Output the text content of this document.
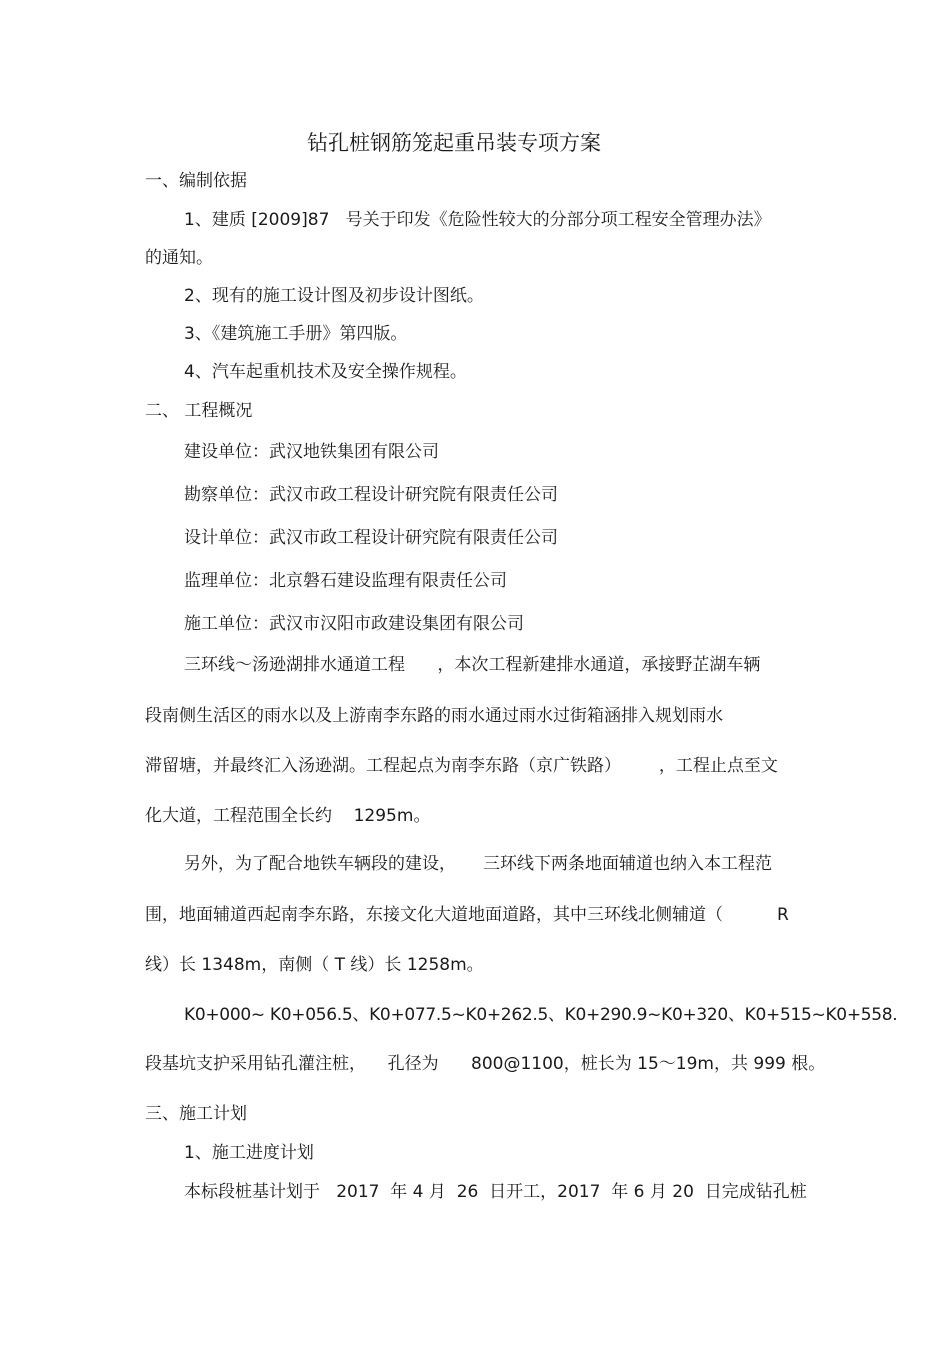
钻孔桩钢筋笼起重吊装专项方案
一、编制依据
1、建质 [2009]87   号关于印发《危险性较大的分部分项工程安全管理办法》
的通知。
2、现有的施工设计图及初步设计图纸。
3、《建筑施工手册》第四版。
4、汽车起重机技术及安全操作规程。
二、 工程概况
建设单位：武汉地铁集团有限公司
勘察单位：武汉市政工程设计研究院有限责任公司
设计单位：武汉市政工程设计研究院有限责任公司
监理单位：北京磐石建设监理有限责任公司
施工单位：武汉市汉阳市政建设集团有限公司
三环线～汤逊湖排水通道工程      ，本次工程新建排水通道，承接野芷湖车辆
段南侧生活区的雨水以及上游南李东路的雨水通过雨水过街箱涵排入规划雨水
滞留塘，并最终汇入汤逊湖。工程起点为南李东路（京广铁路）       ，工程止点至文
化大道，工程范围全长约    1295m。
另外，为了配合地铁车辆段的建设，     三环线下两条地面辅道也纳入本工程范
围，地面辅道西起南李东路，东接文化大道地面道路，其中三环线北侧辅道（          R
线）长 1348m，南侧（ T 线）长 1258m。
K0+000~ K0+056.5、K0+077.5~K0+262.5、K0+290.9~K0+320、K0+515~K0+558.
段基坑支护采用钻孔灌注桩，    孔径为      800@1100，桩长为 15～19m，共 999 根。
三、施工计划
1、施工进度计划
本标段桩基计划于   2017  年 4 月  26  日开工，2017  年 6 月 20  日完成钻孔桩
